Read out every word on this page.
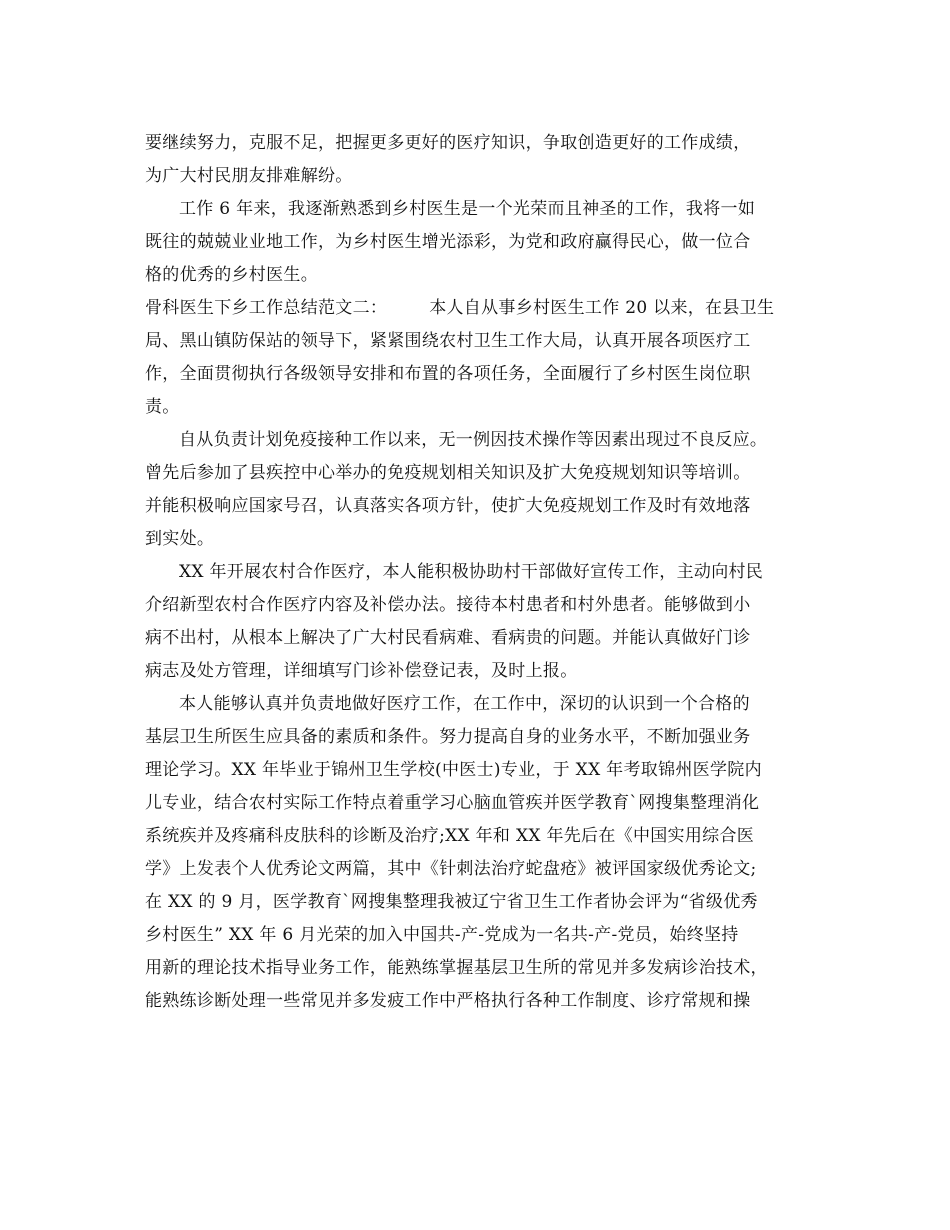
要继续努力，克服不足，把握更多更好的医疗知识，争取创造更好的工作成绩，
为广大村民朋友排难解纷。
工作 6 年来，我逐渐熟悉到乡村医生是一个光荣而且神圣的工作，我将一如
既往的兢兢业业地工作，为乡村医生增光添彩，为党和政府赢得民心，做一位合
格的优秀的乡村医生。
骨科医生下乡工作总结范文二： 本人自从事乡村医生工作 20 以来，在县卫生
局、黑山镇防保站的领导下，紧紧围绕农村卫生工作大局，认真开展各项医疗工
作，全面贯彻执行各级领导安排和布置的各项任务，全面履行了乡村医生岗位职
责。
自从负责计划免疫接种工作以来，无一例因技术操作等因素出现过不良反应。
曾先后参加了县疾控中心举办的免疫规划相关知识及扩大免疫规划知识等培训。
并能积极响应国家号召，认真落实各项方针，使扩大免疫规划工作及时有效地落
到实处。
XX 年开展农村合作医疗，本人能积极协助村干部做好宣传工作，主动向村民
介绍新型农村合作医疗内容及补偿办法。接待本村患者和村外患者。能够做到小
病不出村，从根本上解决了广大村民看病难、看病贵的问题。并能认真做好门诊
病志及处方管理，详细填写门诊补偿登记表，及时上报。
本人能够认真并负责地做好医疗工作，在工作中，深切的认识到一个合格的
基层卫生所医生应具备的素质和条件。努力提高自身的业务水平，不断加强业务
理论学习。XX 年毕业于锦州卫生学校(中医士)专业，于 XX 年考取锦州医学院内
儿专业，结合农村实际工作特点着重学习心脑血管疾并医学教育`网搜集整理消化
系统疾并及疼痛科皮肤科的诊断及治疗;XX 年和 XX 年先后在《中国实用综合医
学》上发表个人优秀论文两篇，其中《针刺法治疗蛇盘疮》被评国家级优秀论文;
在 XX 的 9 月，医学教育`网搜集整理我被辽宁省卫生工作者协会评为“省级优秀
乡村医生” XX 年 6 月光荣的加入中国共-产-党成为一名共-产-党员，始终坚持
用新的理论技术指导业务工作，能熟练掌握基层卫生所的常见并多发病诊治技术，
能熟练诊断处理一些常见并多发疲工作中严格执行各种工作制度、诊疗常规和操
